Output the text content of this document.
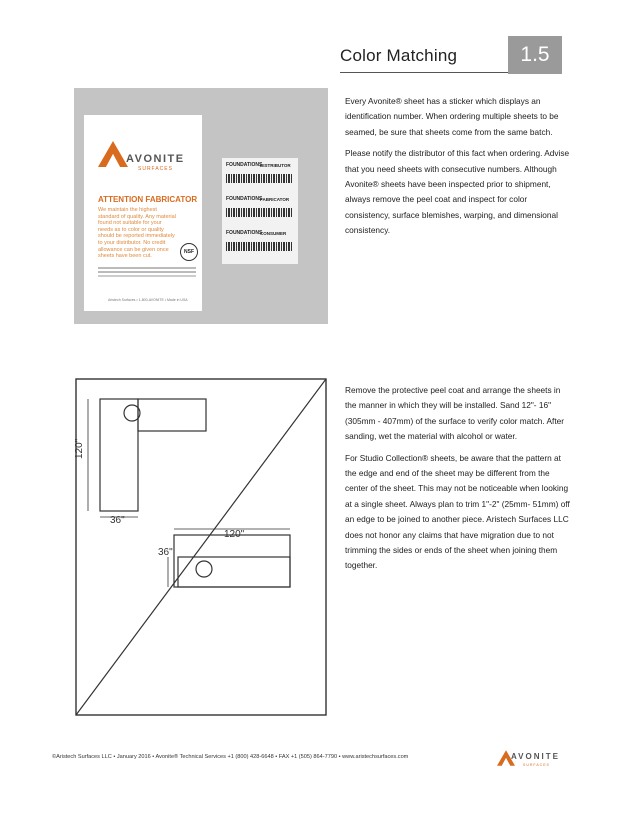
Color Matching	1.5
AVONITE
SURFACES
ATTENTION FABRICATOR
We maintain the highest standard of quality. Any material found not suitable for your needs as to color or quality should be reported immediately to your distributor. No credit allowance can be given once sheets have been cut.
NSF
Aristech Surfaces • 1-800-AVONITE • Made in USA
FOUNDATIONS
DISTRIBUTOR
FOUNDATIONS
FABRICATOR
FOUNDATIONS
CONSUMER

Every Avonite® sheet has a sticker which displays an identification number. When ordering multiple sheets to be seamed, be sure that sheets come from the same batch.

Please notify the distributor of this fact when ordering. Advise that you need sheets with consecutive numbers. Although Avonite® sheets have been inspected prior to shipment, always remove the peel coat and inspect for color consistency, surface blemishes, warping, and dimensional consistency.

120"
36"
120"
36"

Remove the protective peel coat and arrange the sheets in the manner in which they will be installed. Sand 12"- 16" (305mm - 407mm) of the surface to verify color match. After sanding, wet the material with alcohol or water.

For Studio Collection® sheets, be aware that the pattern at the edge and end of the sheet may be different from the center of the sheet. This may not be noticeable when looking at a single sheet. Always plan to trim 1"-2" (25mm- 51mm) off an edge to be joined to another piece. Aristech Surfaces LLC does not honor any claims that have migration due to not trimming the sides or ends of the sheet when joining them together.

©Aristech Surfaces LLC • January 2016 • Avonite® Technical Services +1 (800) 428-6648 • FAX +1 (505) 864-7790 • www.aristechsurfaces.com	AVONITE
SURFACES
